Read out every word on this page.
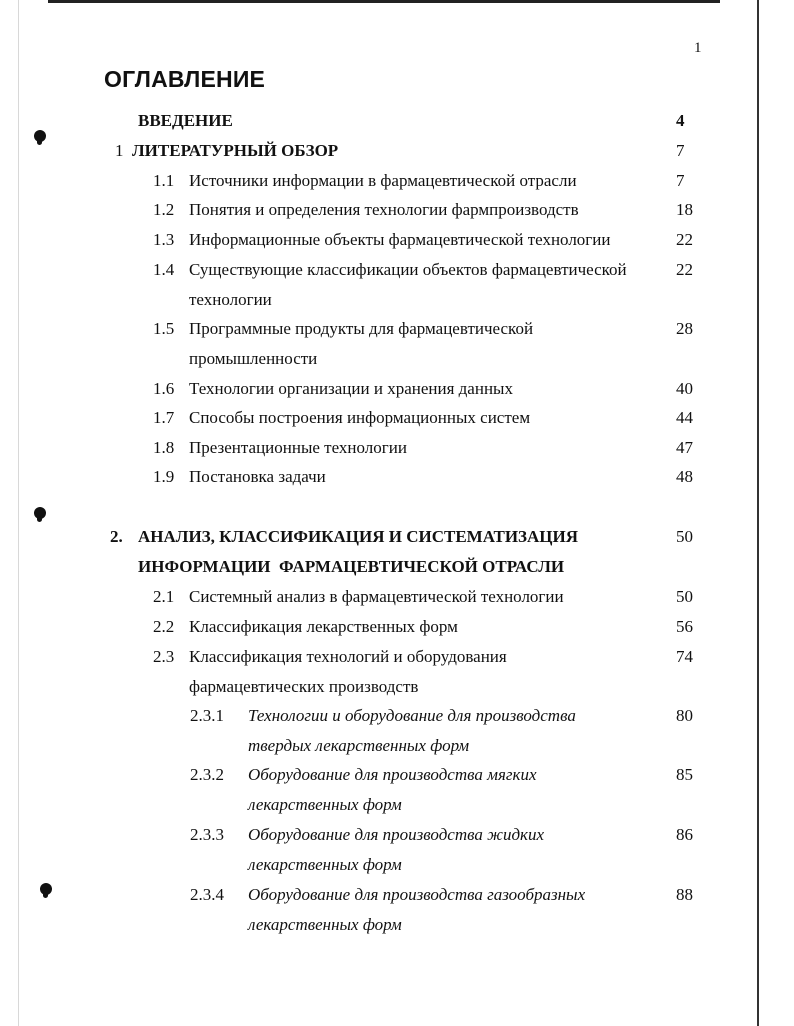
1
ОГЛАВЛЕНИЕ
ВВЕДЕНИЕ	4
1 ЛИТЕРАТУРНЫЙ ОБЗОР	7
1.1 Источники информации в фармацевтической отрасли	7
1.2 Понятия и определения технологии фармпроизводств	18
1.3 Информационные объекты фармацевтической технологии	22
1.4 Существующие классификации объектов фармацевтической	22
технологии
1.5 Программные продукты для фармацевтической	28
промышленности
1.6 Технологии организации и хранения данных	40
1.7 Способы построения информационных систем	44
1.8 Презентационные технологии	47
1.9 Постановка задачи	48
2. АНАЛИЗ, КЛАССИФИКАЦИЯ И СИСТЕМАТИЗАЦИЯ	50
ИНФОРМАЦИИ  ФАРМАЦЕВТИЧЕСКОЙ ОТРАСЛИ
2.1 Системный анализ в фармацевтической технологии	50
2.2 Классификация лекарственных форм	56
2.3 Классификация технологий и оборудования	74
фармацевтических производств
2.3.1 Технологии и оборудование для производства	80
твердых лекарственных форм
2.3.2 Оборудование для производства мягких	85
лекарственных форм
2.3.3 Оборудование для производства жидких	86
лекарственных форм
2.3.4 Оборудование для производства газообразных	88
лекарственных форм
